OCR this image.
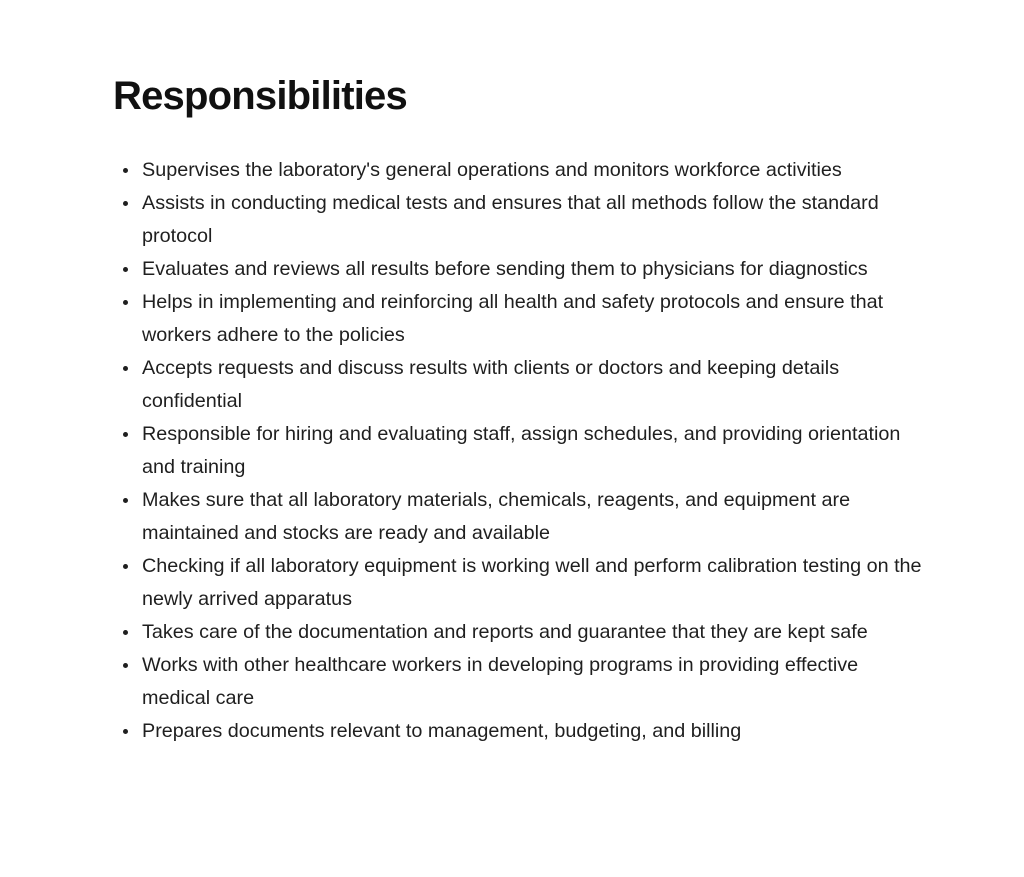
Responsibilities
Supervises the laboratory's general operations and monitors workforce activities
Assists in conducting medical tests and ensures that all methods follow the standard protocol
Evaluates and reviews all results before sending them to physicians for diagnostics
Helps in implementing and reinforcing all health and safety protocols and ensure that workers adhere to the policies
Accepts requests and discuss results with clients or doctors and keeping details confidential
Responsible for hiring and evaluating staff, assign schedules, and providing orientation and training
Makes sure that all laboratory materials, chemicals, reagents, and equipment are maintained and stocks are ready and available
Checking if all laboratory equipment is working well and perform calibration testing on the newly arrived apparatus
Takes care of the documentation and reports and guarantee that they are kept safe
Works with other healthcare workers in developing programs in providing effective medical care
Prepares documents relevant to management, budgeting, and billing
